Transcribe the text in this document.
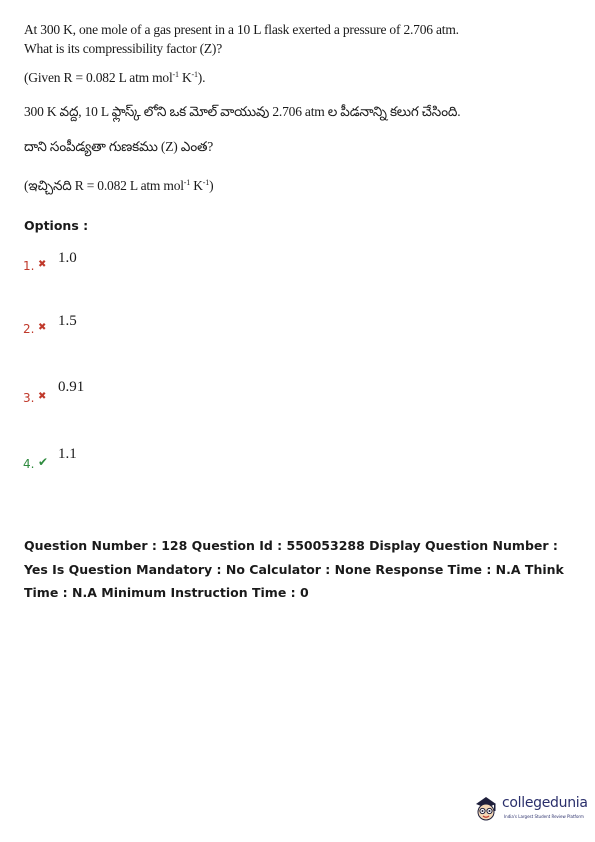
At 300 K, one mole of a gas present in a 10 L flask exerted a pressure of 2.706 atm.
What is its compressibility factor (Z)?
(Given R = 0.082 L atm mol$^{-1}$ $K^{-1}$).
300 K వద్ద, 10 L ఫ్లాస్క్ లోని ఒక మోల్ వాయువు 2.706 atm ల పీడనాన్ని కలుగ చేసింది.
దాని సంపీడ్యతా గుణకము (Z) ఎంత?
(ఇచ్చినది R = 0.082 L atm mol$^{-1}$ $K^{-1}$)
Options :
1. ✖ 1.0
2. ✖ 1.5
3. ✖
0.91
4. ✔ 1.1
Question Number : 128 Question Id : 550053288 Display Question Number : Yes Is Question Mandatory : No Calculator : None Response Time : N.A Think Time : N.A Minimum Instruction Time : 0
collegedunia
India's Largest Student Review Platform
